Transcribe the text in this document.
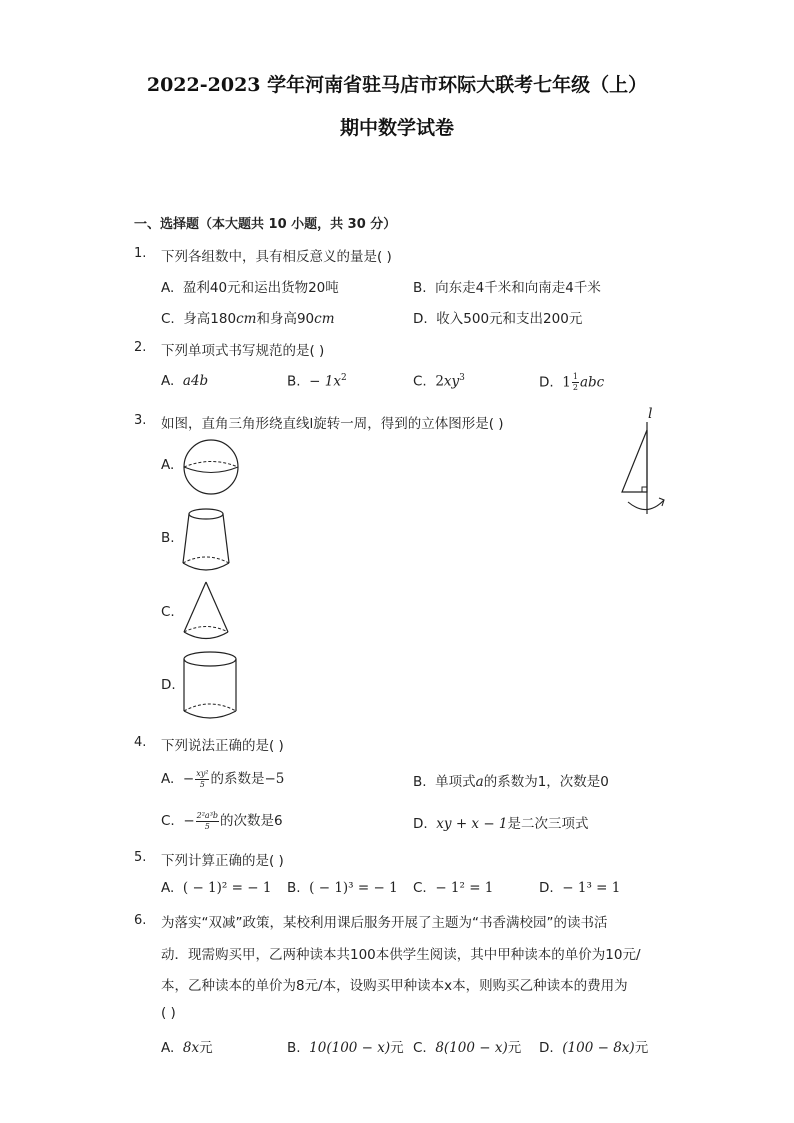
2022-2023 学年河南省驻马店市环际大联考七年级（上）
期中数学试卷
一、选择题（本大题共 10 小题，共 30 分）
1. 下列各组数中，具有相反意义的量是( )
A. 盈利40元和运出货物20吨	B. 向东走4千米和向南走4千米
C. 身高180cm和身高90cm	D. 收入500元和支出200元
2. 下列单项式书写规范的是( )
A. a4b	B. − $1x^2$	C. $2xy^3$	D. $1 \frac{1}{2}$ abc
3. 如图，直角三角形绕直线l旋转一周，得到的立体图形是( )
l
A.
B.
C.
D.
4. 下列说法正确的是( )
A. − $\frac{\text{xy²}}{5}$ 的系数是−5	B. 单项式a的系数为1，次数是0
C. − $\frac{\text{2²a³b}}{5}$ 的次数是6	D. xy + x − 1是二次三项式
5. 下列计算正确的是( )
A. ( − 1)² = − 1 B. ( − 1)³ = − 1 C. − 1² = 1	D. − 1³ = 1
6. 为落实“双减”政策，某校利用课后服务开展了主题为“书香满校园”的读书活
动．现需购买甲，乙两种读本共100本供学生阅读，其中甲种读本的单价为10元/
本，乙种读本的单价为8元/本，设购买甲种读本x本，则购买乙种读本的费用为
( )
A. 8x元	B. 10(100 − x)元 C. 8(100 − x)元 D. (100 − 8x)元
